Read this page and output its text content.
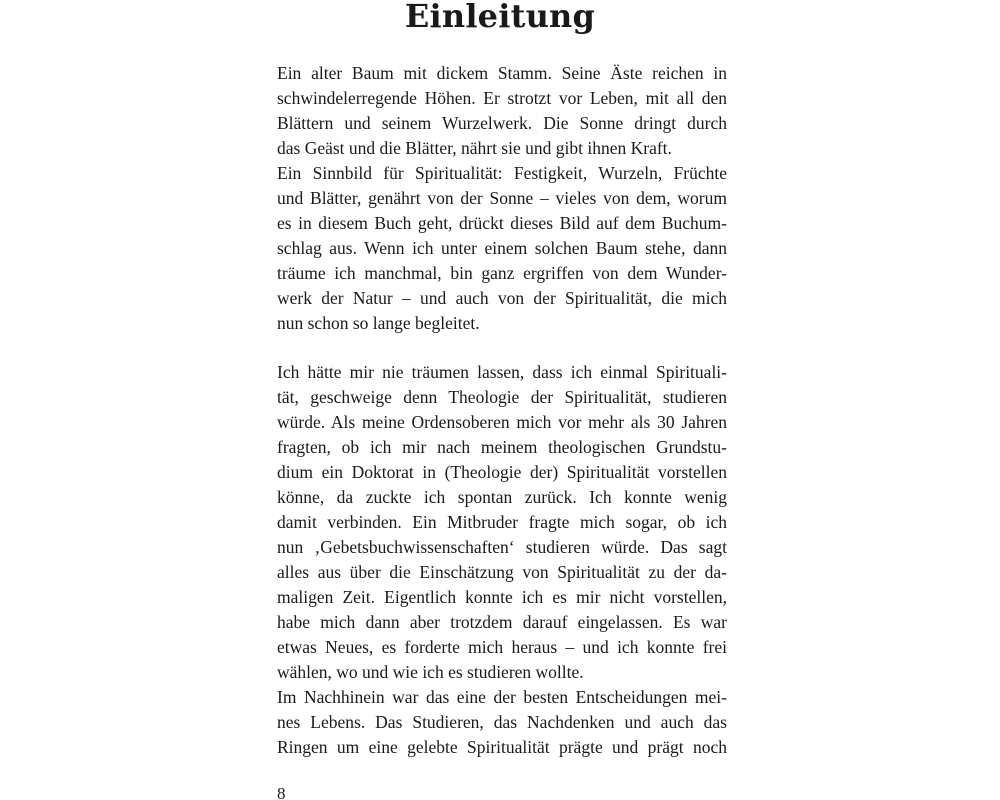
Einleitung
Ein alter Baum mit dickem Stamm. Seine Äste reichen in
schwindelerregende Höhen. Er strotzt vor Leben, mit all den
Blättern und seinem Wurzelwerk. Die Sonne dringt durch
das Geäst und die Blätter, nährt sie und gibt ihnen Kraft.
Ein Sinnbild für Spiritualität: Festigkeit, Wurzeln, Früchte
und Blätter, genährt von der Sonne – vieles von dem, worum
es in diesem Buch geht, drückt dieses Bild auf dem Buchum-
schlag aus. Wenn ich unter einem solchen Baum stehe, dann
träume ich manchmal, bin ganz ergriffen von dem Wunder-
werk der Natur – und auch von der Spiritualität, die mich
nun schon so lange begleitet.
Ich hätte mir nie träumen lassen, dass ich einmal Spirituali-
tät, geschweige denn Theologie der Spiritualität, studieren
würde. Als meine Ordensoberen mich vor mehr als 30 Jahren
fragten, ob ich mir nach meinem theologischen Grundstu-
dium ein Doktorat in (Theologie der) Spiritualität vorstellen
könne, da zuckte ich spontan zurück. Ich konnte wenig
damit verbinden. Ein Mitbruder fragte mich sogar, ob ich
nun ‚Gebetsbuchwissenschaften‘ studieren würde. Das sagt
alles aus über die Einschätzung von Spiritualität zu der da-
maligen Zeit. Eigentlich konnte ich es mir nicht vorstellen,
habe mich dann aber trotzdem darauf eingelassen. Es war
etwas Neues, es forderte mich heraus – und ich konnte frei
wählen, wo und wie ich es studieren wollte.
Im Nachhinein war das eine der besten Entscheidungen mei-
nes Lebens. Das Studieren, das Nachdenken und auch das
Ringen um eine gelebte Spiritualität prägte und prägt noch
8
